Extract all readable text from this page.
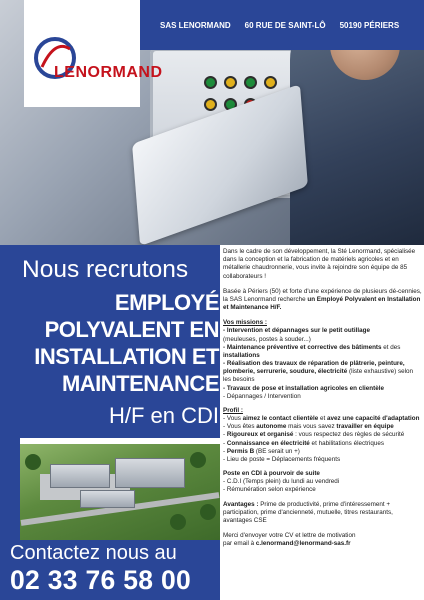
SAS LENORMAND 60 RUE DE SAINT-LÔ 50190 PÉRIERS
LENORMAND
Nous recrutons
EMPLOYÉ
POLYVALENT EN
INSTALLATION ET
MAINTENANCE
H/F en CDI
Contactez nous au
02 33 76 58 00

Dans le cadre de son développement, la Sté Lenormand, spécialisée dans la conception et la fabrication de matériels agricoles et en métallerie chaudronnerie, vous invite à rejoindre son équipe de 85 collaborateurs !

Basée à Périers (50) et forte d'une expérience de plusieurs dé-cennies, la SAS Lenormand recherche un Employé Polyvalent en Installation et Maintenance H/F.

Vos missions :
- Intervention et dépannages sur le petit outillage
(meuleuses, postes à souder...)
- Maintenance préventive et corrective des bâtiments et des installations
- Réalisation des travaux de réparation de plâtrerie, peinture, plomberie, serrurerie, soudure, électricité (liste exhaustive) selon les besoins
- Travaux de pose et installation agricoles en clientèle
- Dépannages / Intervention
Profil :
- Vous aimez le contact clientèle et avez une capacité d'adaptation
- Vous êtes autonome mais vous savez travailler en équipe
- Rigoureux et organisé : vous respectez des règles de sécurité
- Connaissance en électricité et habilitations électriques
- Permis B (BE serait un +)
- Lieu de poste = Déplacements fréquents
Poste en CDI à pourvoir de suite
- C.D.I (Temps plein) du lundi au vendredi
- Rémunération selon expérience

Avantages : Prime de productivité, prime d'intéressement + participation, prime d'ancienneté, mutuelle, titres restaurants, avantages CSE

Merci d'envoyer votre CV et lettre de motivation
par email à c.lenormand@lenormand-sas.fr
